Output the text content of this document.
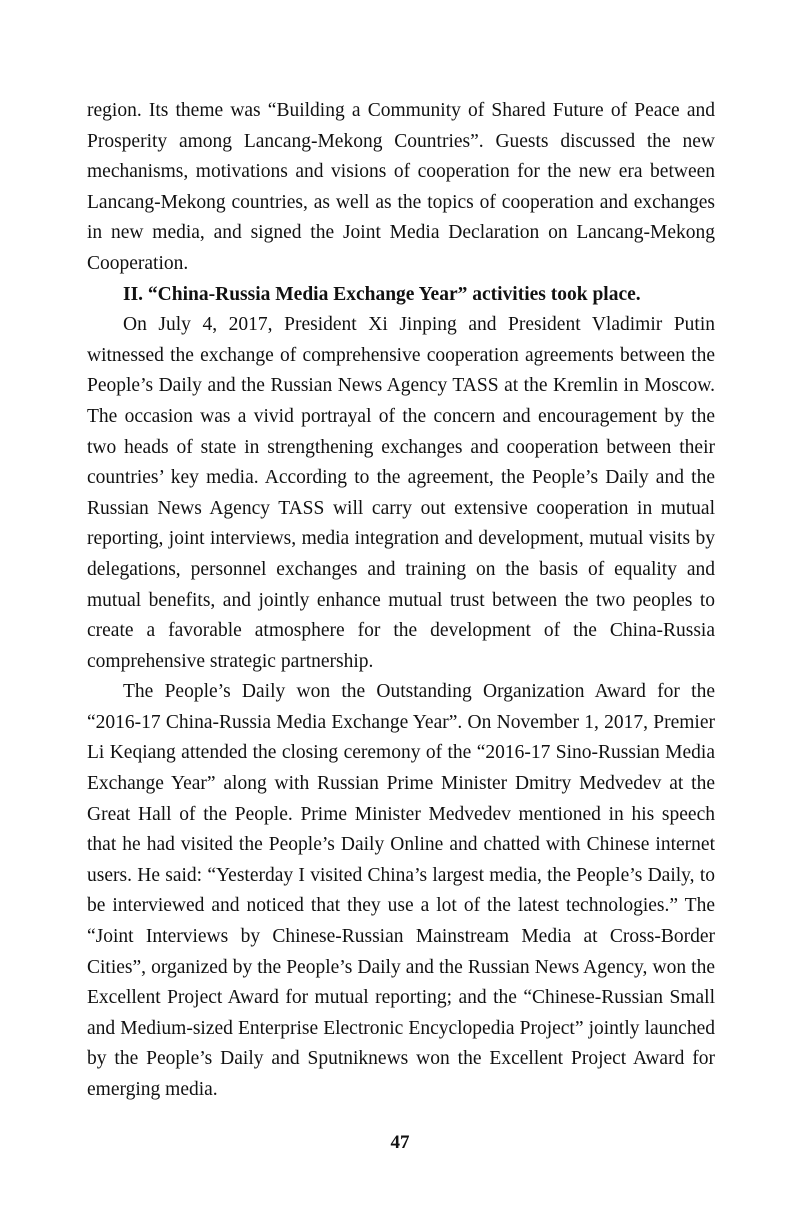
region. Its theme was “Building a Community of Shared Future of Peace and Prosperity among Lancang-Mekong Countries”. Guests discussed the new mechanisms, motivations and visions of cooperation for the new era between Lancang-Mekong countries, as well as the topics of cooperation and exchanges in new media, and signed the Joint Media Declaration on Lancang-Mekong Cooperation.

II. “China-Russia Media Exchange Year” activities took place.

On July 4, 2017, President Xi Jinping and President Vladimir Putin witnessed the exchange of comprehensive cooperation agreements between the People’s Daily and the Russian News Agency TASS at the Kremlin in Moscow. The occasion was a vivid portrayal of the concern and encouragement by the two heads of state in strengthening exchanges and cooperation between their countries’ key media. According to the agreement, the People’s Daily and the Russian News Agency TASS will carry out extensive cooperation in mutual reporting, joint interviews, media integration and development, mutual visits by delegations, personnel exchanges and training on the basis of equality and mutual benefits, and jointly enhance mutual trust between the two peoples to create a favorable atmosphere for the development of the China-Russia comprehensive strategic partnership.

The People’s Daily won the Outstanding Organization Award for the “2016-17 China-Russia Media Exchange Year”. On November 1, 2017, Premier Li Keqiang attended the closing ceremony of the “2016-17 Sino-Russian Media Exchange Year” along with Russian Prime Minister Dmitry Medvedev at the Great Hall of the People. Prime Minister Medvedev mentioned in his speech that he had visited the People’s Daily Online and chatted with Chinese internet users. He said: “Yesterday I visited China’s largest media, the People’s Daily, to be interviewed and noticed that they use a lot of the latest technologies.” The “Joint Interviews by Chinese-Russian Mainstream Media at Cross-Border Cities”, organized by the People’s Daily and the Russian News Agency, won the Excellent Project Award for mutual reporting; and the “Chinese-Russian Small and Medium-sized Enterprise Electronic Encyclopedia Project” jointly launched by the People’s Daily and Sputniknews won the Excellent Project Award for emerging media.

47
